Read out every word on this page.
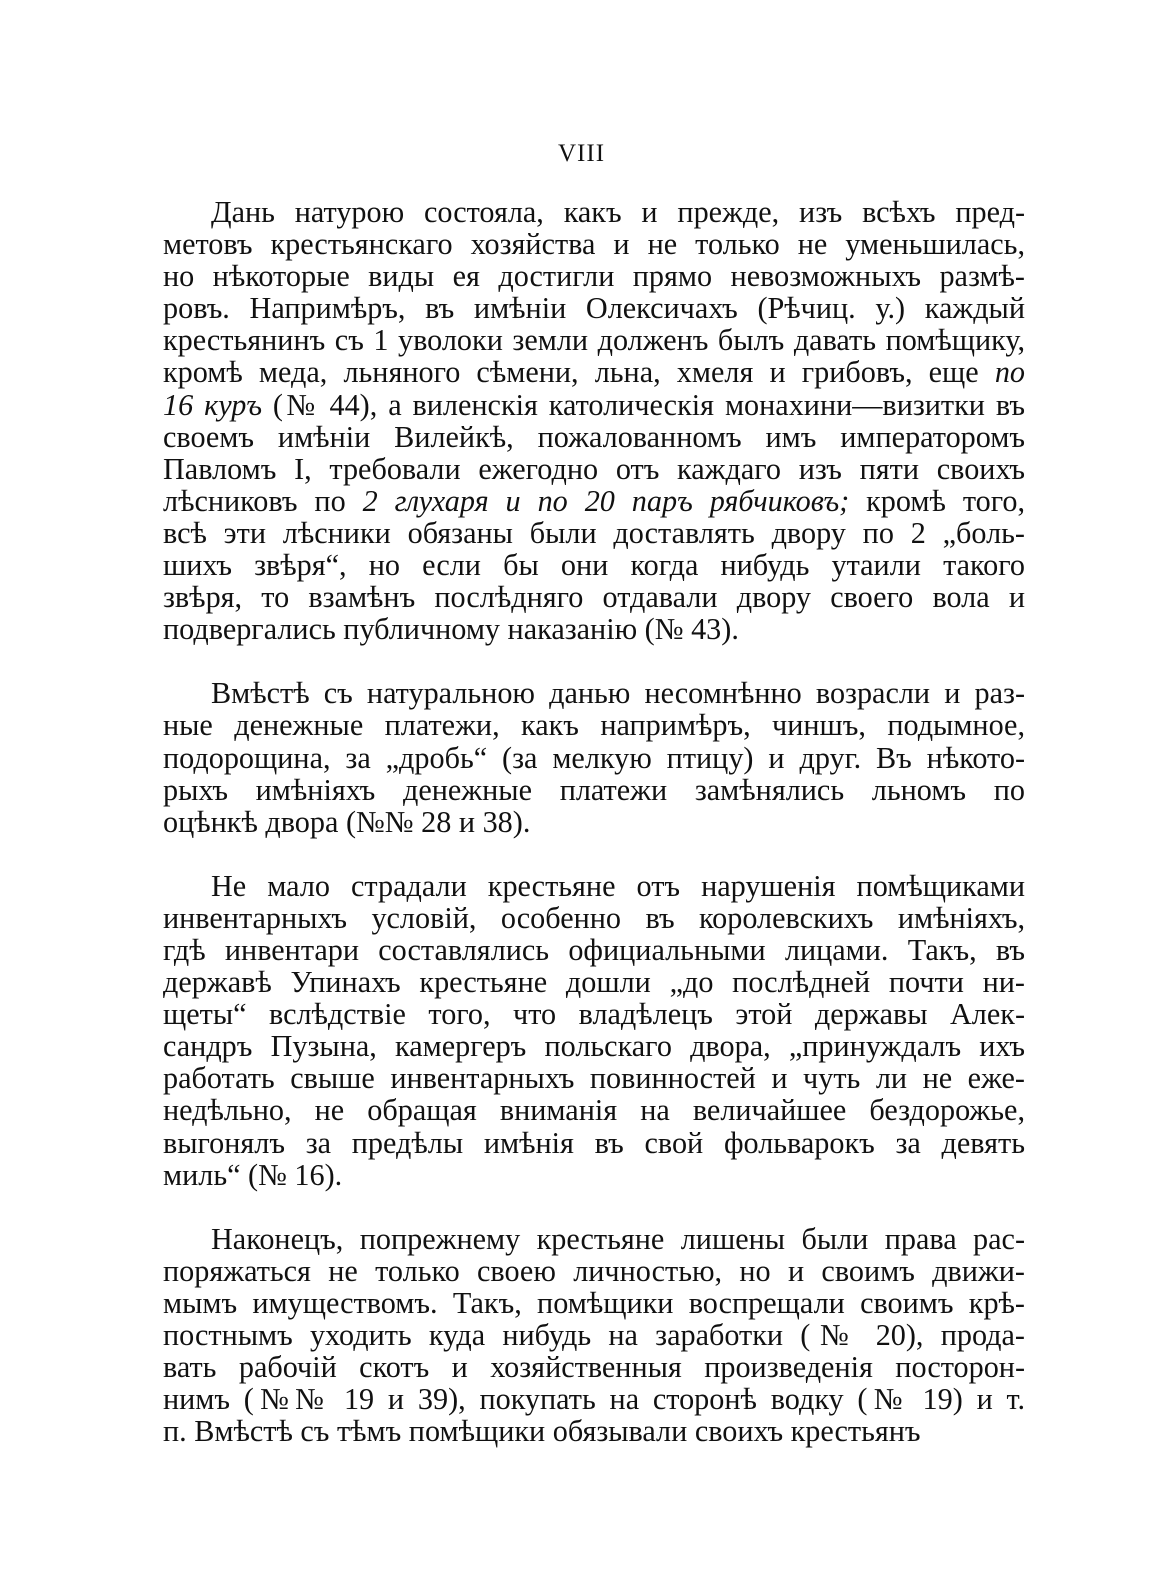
VIII
Дань натурою состояла, какъ и прежде, изъ всѣхъ пред-
метовъ крестьянскаго хозяйства и не только не уменьшилась,
но нѣкоторые виды ея достигли прямо невозможныхъ размѣ-
ровъ. Напримѣръ, въ имѣніи Олексичахъ (Рѣчиц. у.) каждый
крестьянинъ съ 1 уволоки земли долженъ былъ давать помѣщику,
кромѣ меда, льняного сѣмени, льна, хмеля и грибовъ, еще по
16 куръ (№ 44), а виленскія католическія монахини—визитки въ
своемъ имѣніи Вилейкѣ, пожалованномъ имъ императоромъ
Павломъ I, требовали ежегодно отъ каждаго изъ пяти своихъ
лѣсниковъ по 2 глухаря и по 20 паръ рябчиковъ; кромѣ того,
всѣ эти лѣсники обязаны были доставлять двору по 2 „боль-
шихъ звѣря“, но если бы они когда нибудь утаили такого
звѣря, то взамѣнъ послѣдняго отдавали двору своего вола и
подвергались публичному наказанію (№ 43).
Вмѣстѣ съ натуральною данью несомнѣнно возрасли и раз-
ные денежные платежи, какъ напримѣръ, чиншъ, подымное,
подорощина, за „дробь“ (за мелкую птицу) и друг. Въ нѣкото-
рыхъ имѣніяхъ денежные платежи замѣнялись льномъ по
оцѣнкѣ двора (№№ 28 и 38).
Не мало страдали крестьяне отъ нарушенія помѣщиками
инвентарныхъ условій, особенно въ королевскихъ имѣніяхъ,
гдѣ инвентари составлялись официальными лицами. Такъ, въ
державѣ Упинахъ крестьяне дошли „до послѣдней почти ни-
щеты“ вслѣдствіе того, что владѣлецъ этой державы Алек-
сандръ Пузына, камергеръ польскаго двора, „принуждалъ ихъ
работать свыше инвентарныхъ повинностей и чуть ли не еже-
недѣльно, не обращая вниманія на величайшее бездорожье,
выгонялъ за предѣлы имѣнія въ свой фольварокъ за девять
миль“ (№ 16).
Наконецъ, попрежнему крестьяне лишены были права рас-
поряжаться не только своею личностью, но и своимъ движи-
мымъ имуществомъ. Такъ, помѣщики воспрещали своимъ крѣ-
постнымъ уходить куда нибудь на заработки (№ 20), прода-
вать рабочій скотъ и хозяйственныя произведенія посторон-
нимъ (№№ 19 и 39), покупать на сторонѣ водку (№ 19) и т.
п. Вмѣстѣ съ тѣмъ помѣщики обязывали своихъ крестьянъ
